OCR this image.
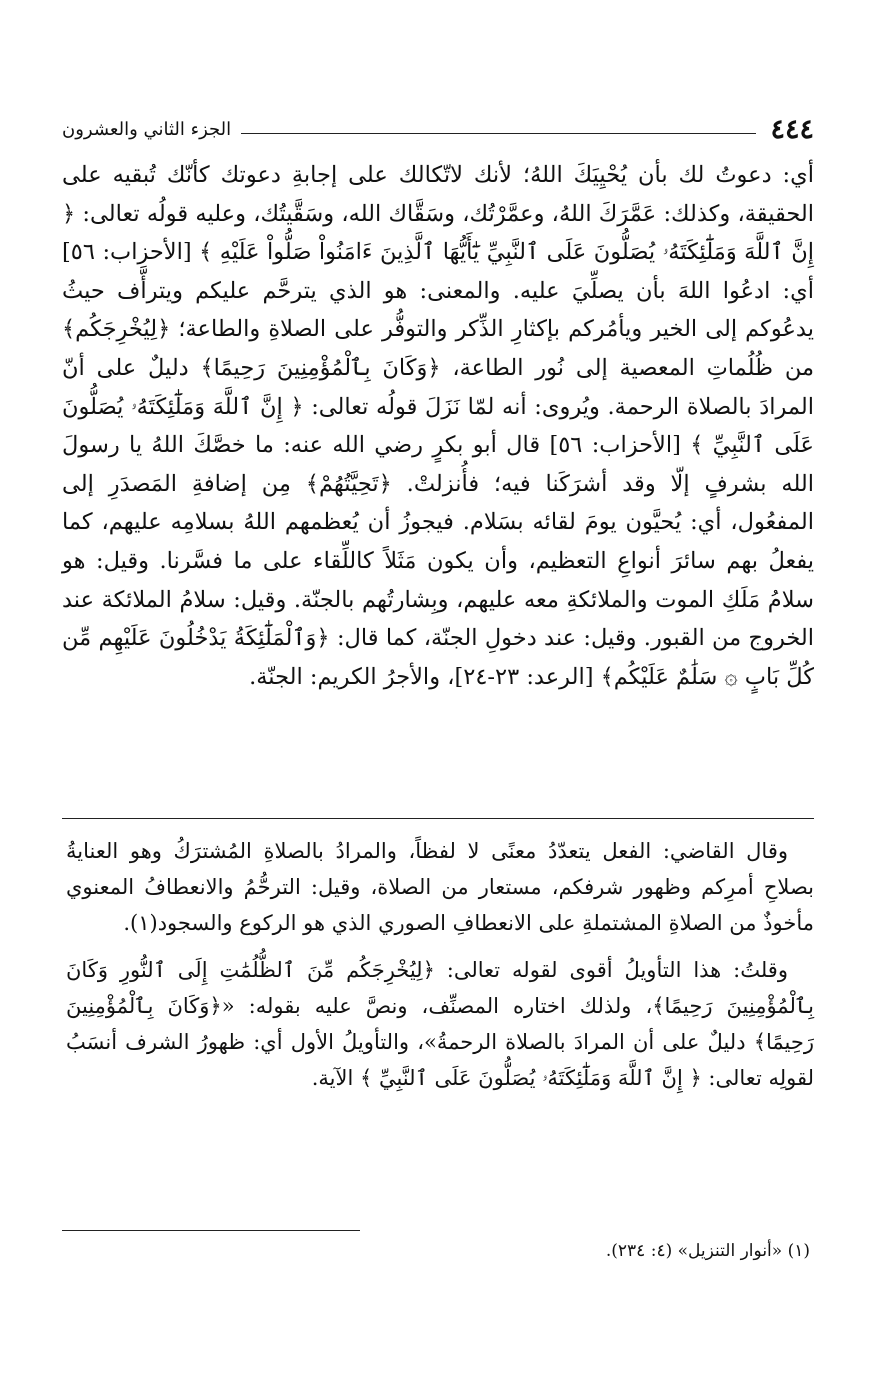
٤٤٤
الجزء الثاني والعشرون

أي: دعوتُ لك بأن يُحْيِيَكَ اللهُ؛ لأنك لاتّكالك على إجابةِ دعوتك كأنّك تُبقيه على الحقيقة، وكذلك: عَمَّرَكَ اللهُ، وعمَّرْتُك، وسَقَّاك الله، وسَقَّيتُك، وعليه قولُه تعالى: ﴿ إِنَّ ٱللَّهَ وَمَلَٰٓئِكَتَهُۥ يُصَلُّونَ عَلَى ٱلنَّبِيِّ يَٰٓأَيُّهَا ٱلَّذِينَ ءَامَنُواْ صَلُّواْ عَلَيْهِ ﴾ [الأحزاب: ٥٦] أي: ادعُوا اللهَ بأن يصلِّيَ عليه. والمعنى: هو الذي يترحَّم عليكم ويترأَّف حيثُ يدعُوكم إلى الخير ويأمُركم بإكثارِ الذِّكر والتوفُّر على الصلاةِ والطاعة؛ ﴿لِيُخْرِجَكُم﴾ من ظُلُماتِ المعصية إلى نُور الطاعة، ﴿وَكَانَ بِٱلْمُؤْمِنِينَ رَحِيمًا﴾ دليلٌ على أنّ المرادَ بالصلاة الرحمة. ويُروى: أنه لمّا نَزَلَ قولُه تعالى: ﴿ إِنَّ ٱللَّهَ وَمَلَٰٓئِكَتَهُۥ يُصَلُّونَ عَلَى ٱلنَّبِيِّ ﴾ [الأحزاب: ٥٦] قال أبو بكرٍ رضي الله عنه: ما خصَّكَ اللهُ يا رسولَ الله بشرفٍ إلّا وقد أشرَكَنا فيه؛ فأُنزلتْ. ﴿تَحِيَّتُهُمْ﴾ مِن إضافةِ المَصدَرِ إلى المفعُول، أي: يُحيَّون يومَ لقائه بسَلام. فيجوزُ أن يُعظمهم اللهُ بسلامِه عليهم، كما يفعلُ بهم سائرَ أنواعِ التعظيم، وأن يكون مَثَلاً كاللِّقاء على ما فسَّرنا. وقيل: هو سلامُ مَلَكِ الموت والملائكةِ معه عليهم، وبِشارتُهم بالجنّة. وقيل: سلامُ الملائكة عند الخروج من القبور. وقيل: عند دخولِ الجنّة، كما قال: ﴿وَٱلْمَلَٰٓئِكَةُ يَدْخُلُونَ عَلَيْهِم مِّن كُلِّ بَابٍ ۞ سَلَٰمٌ عَلَيْكُم﴾ [الرعد: ٢٣-٢٤]، والأجرُ الكريم: الجنّة.

وقال القاضي: الفعل يتعدّدُ معنًى لا لفظاً، والمرادُ بالصلاةِ المُشترَكُ وهو العنايةُ بصلاحِ أمرِكم وظهور شرفكم، مستعار من الصلاة، وقيل: الترحُّمُ والانعطافُ المعنوي مأخوذٌ من الصلاةِ المشتملةِ على الانعطافِ الصوري الذي هو الركوع والسجود(١).

وقلتُ: هذا التأويلُ أقوى لقوله تعالى: ﴿لِيُخْرِجَكُم مِّنَ ٱلظُّلُمَٰتِ إِلَى ٱلنُّورِ وَكَانَ بِٱلْمُؤْمِنِينَ رَحِيمًا﴾، ولذلك اختاره المصنِّف، ونصَّ عليه بقوله: «﴿وَكَانَ بِٱلْمُؤْمِنِينَ رَحِيمًا﴾ دليلٌ على أن المرادَ بالصلاة الرحمةُ»، والتأويلُ الأول أي: ظهورُ الشرف أنسَبُ لقولِه تعالى: ﴿ إِنَّ ٱللَّهَ وَمَلَٰٓئِكَتَهُۥ يُصَلُّونَ عَلَى ٱلنَّبِيِّ ﴾ الآية.

(١) «أنوار التنزيل» (٤: ٢٣٤).
